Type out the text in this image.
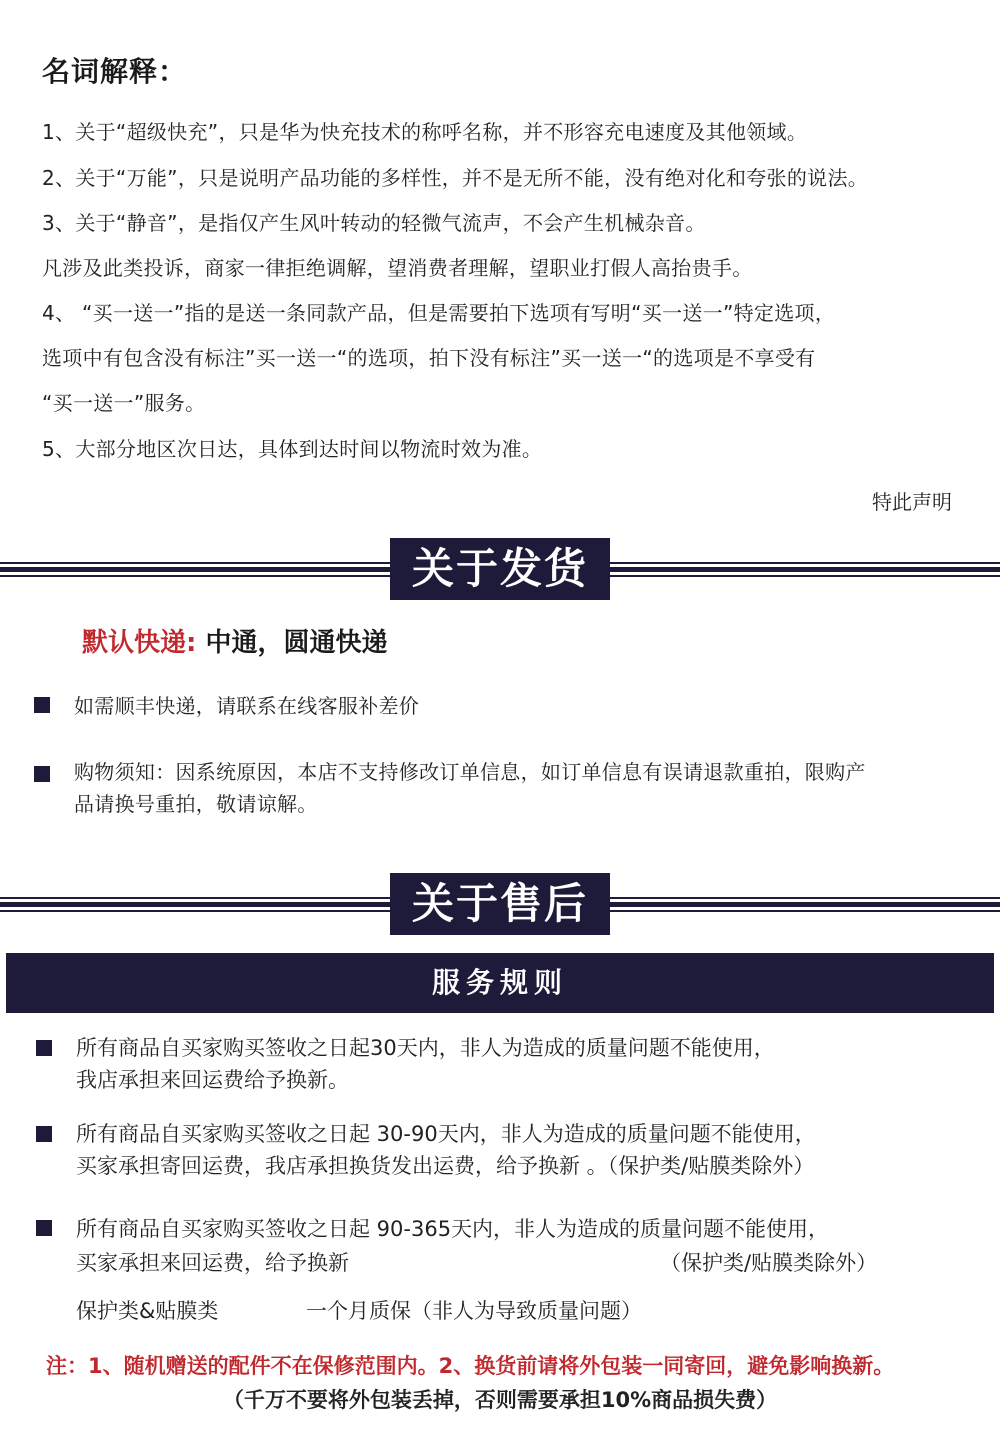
名词解释：
1、关于“超级快充”，只是华为快充技术的称呼名称，并不形容充电速度及其他领域。
2、关于“万能”，只是说明产品功能的多样性，并不是无所不能，没有绝对化和夸张的说法。
3、关于“静音”，是指仅产生风叶转动的轻微气流声，不会产生机械杂音。
凡涉及此类投诉，商家一律拒绝调解，望消费者理解，望职业打假人高抬贵手。
4、 “买一送一”指的是送一条同款产品，但是需要拍下选项有写明“买一送一”特定选项，
选项中有包含没有标注”买一送一“的选项，拍下没有标注”买一送一“的选项是不享受有
“买一送一”服务。
5、大部分地区次日达，具体到达时间以物流时效为准。
特此声明
关于发货
默认快递: 中通，圆通快递
如需顺丰快递，请联系在线客服补差价
购物须知：因系统原因，本店不支持修改订单信息，如订单信息有误请退款重拍，限购产
品请换号重拍，敬请谅解。
关于售后
服务规则
所有商品自买家购买签收之日起30天内，非人为造成的质量问题不能使用，
我店承担来回运费给予换新。
所有商品自买家购买签收之日起 30-90天内，非人为造成的质量问题不能使用，
买家承担寄回运费，我店承担换货发出运费，给予换新 。（保护类/贴膜类除外）
所有商品自买家购买签收之日起 90-365天内，非人为造成的质量问题不能使用，
买家承担来回运费，给予换新	（保护类/贴膜类除外）
保护类&贴膜类	一个月质保（非人为导致质量问题）
注：1、随机赠送的配件不在保修范围内。2、换货前请将外包装一同寄回，避免影响换新。
（千万不要将外包装丢掉，否则需要承担10%商品损失费）
